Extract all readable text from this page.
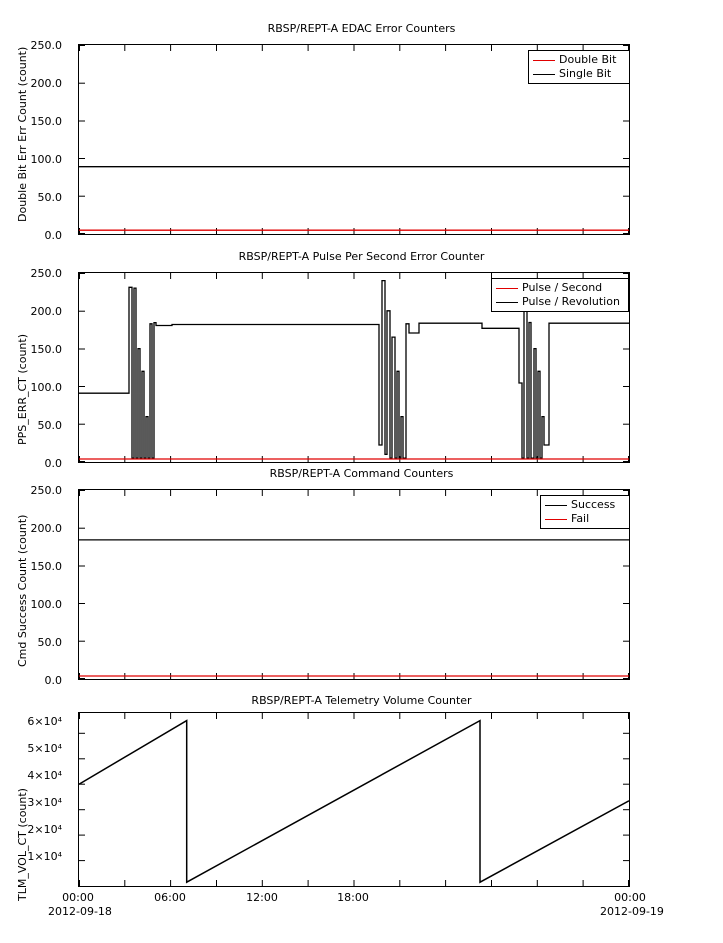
RBSP/REPT-A EDAC Error Counters
Double Bit Err Err Count (count)
250.0
200.0
150.0
100.0
50.0
0.0
Double Bit
Single Bit
RBSP/REPT-A Pulse Per Second Error Counter
PPS_ERR_CT (count)
250.0
200.0
150.0
100.0
50.0
0.0
Pulse / Second
Pulse / Revolution
RBSP/REPT-A Command Counters
Cmd Success Count (count)
250.0
200.0
150.0
100.0
50.0
0.0
Success
Fail
RBSP/REPT-A Telemetry Volume Counter
TLM_VOL_CT (count)
1×10⁴
2×10⁴
3×10⁴
4×10⁴
5×10⁴
6×10⁴
00:00
2012-09-18
06:00	12:00	18:00	00:00
2012-09-19
